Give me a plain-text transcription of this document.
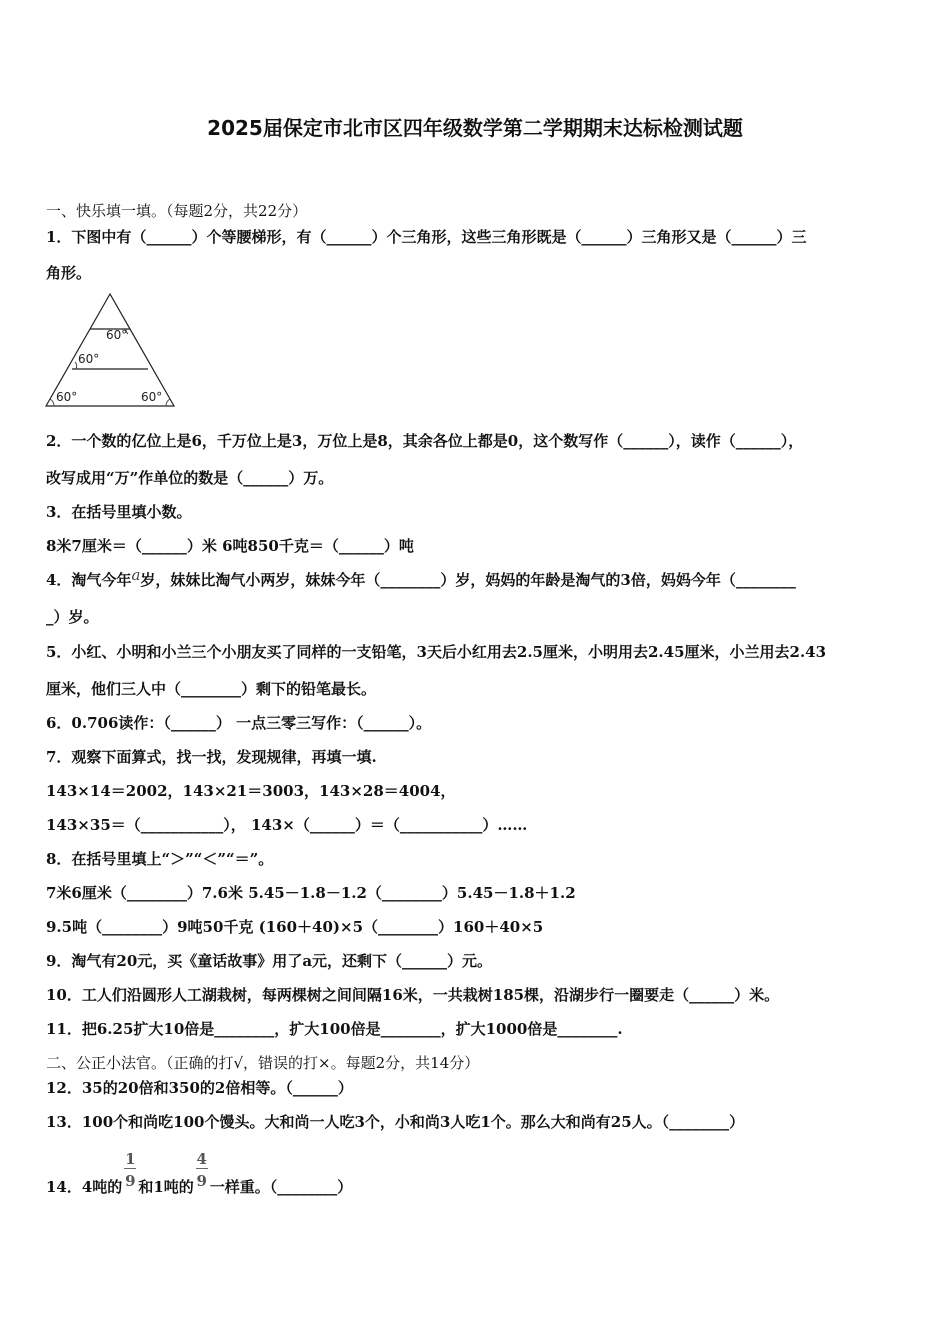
2025届保定市北市区四年级数学第二学期期末达标检测试题
一、快乐填一填。（每题2分，共22分）
1．下图中有（______）个等腰梯形，有（______）个三角形，这些三角形既是（______）三角形又是（______）三
角形。
60°
60°
60°	60°
2．一个数的亿位上是6，千万位上是3，万位上是8，其余各位上都是0，这个数写作（______），读作（______），
改写成用“万”作单位的数是（______）万。
3．在括号里填小数。
8米7厘米＝（______）米 6吨850千克＝（______）吨
4．淘气今年a岁，妹妹比淘气小两岁，妹妹今年（________）岁，妈妈的年龄是淘气的3倍，妈妈今年（________
_）岁。
5．小红、小明和小兰三个小朋友买了同样的一支铅笔，3天后小红用去2.5厘米，小明用去2.45厘米，小兰用去2.43
厘米，他们三人中（________）剩下的铅笔最长。
6．0.706读作：（______） 一点三零三写作：（______）。
7．观察下面算式，找一找，发现规律，再填一填.
143×14＝2002，143×21＝3003，143×28＝4004，
143×35＝（___________）， 143×（______）＝（___________）……
8．在括号里填上“＞”“＜”“＝”。
7米6厘米（________）7.6米 5.45－1.8－1.2（________）5.45－1.8＋1.2
9.5吨（________）9吨50千克 (160＋40)×5（________）160＋40×5
9．淘气有20元，买《童话故事》用了a元，还剩下（______）元。
10．工人们沿圆形人工湖栽树，每两棵树之间间隔16米，一共栽树185棵，沿湖步行一圈要走（______）米。
11．把6.25扩大10倍是________，扩大100倍是________，扩大1000倍是________.
二、公正小法官。（正确的打√，错误的打×。每题2分，共14分）
12．35的20倍和350的2倍相等。（______）
13．100个和尚吃100个馒头。大和尚一人吃3个，小和尚3人吃1个。那么大和尚有25人。（________）
14．4吨的 $\frac{1}{9}$ 和1吨的 $\frac{4}{9}$ 一样重。（________）
